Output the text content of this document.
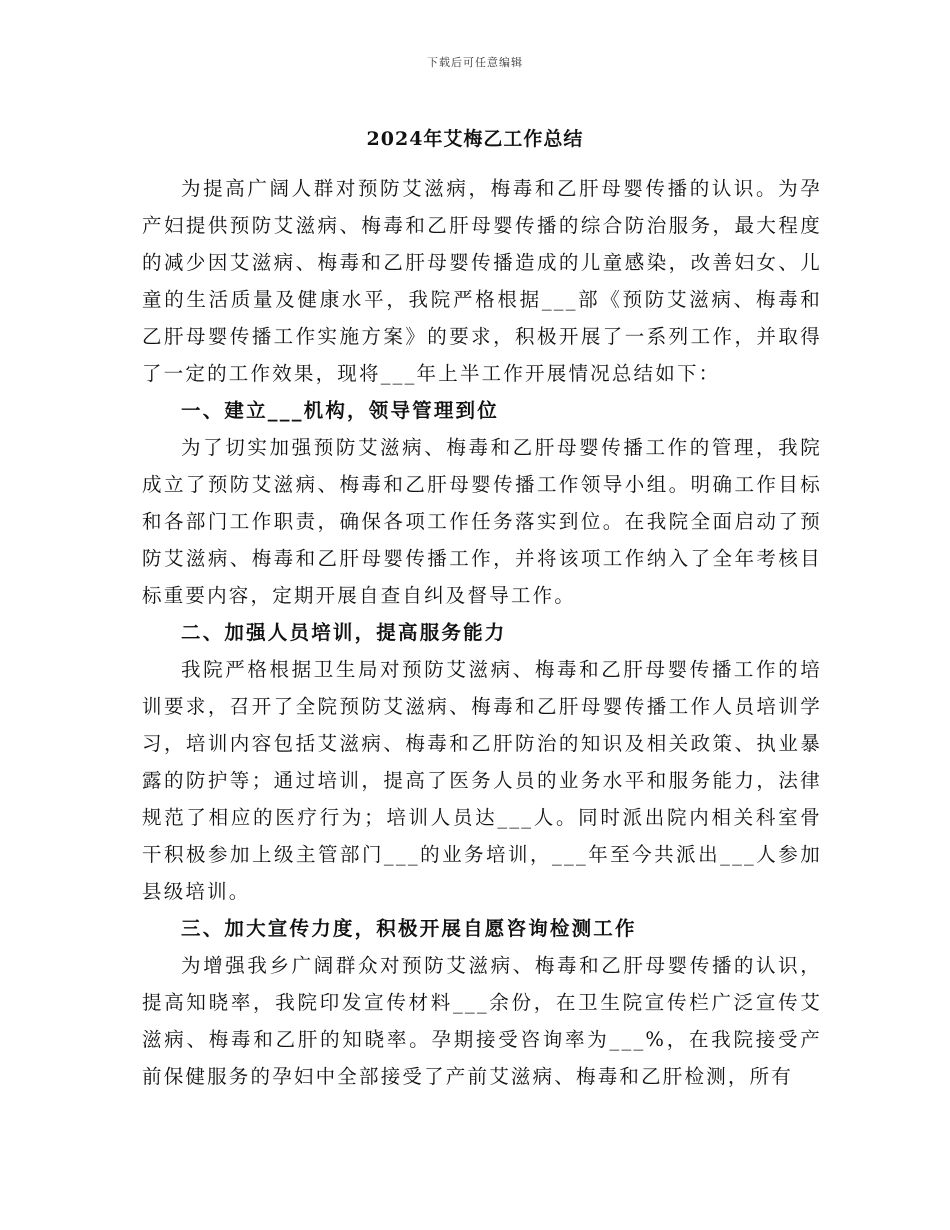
下载后可任意编辑
2024年艾梅乙工作总结

为提高广阔人群对预防艾滋病，梅毒和乙肝母婴传播的认识。为孕产妇提供预防艾滋病、梅毒和乙肝母婴传播的综合防治服务，最大程度的减少因艾滋病、梅毒和乙肝母婴传播造成的儿童感染，改善妇女、儿童的生活质量及健康水平，我院严格根据___部《预防艾滋病、梅毒和乙肝母婴传播工作实施方案》的要求，积极开展了一系列工作，并取得了一定的工作效果，现将___年上半工作开展情况总结如下：

一、建立___机构，领导管理到位

为了切实加强预防艾滋病、梅毒和乙肝母婴传播工作的管理，我院成立了预防艾滋病、梅毒和乙肝母婴传播工作领导小组。明确工作目标和各部门工作职责，确保各项工作任务落实到位。在我院全面启动了预防艾滋病、梅毒和乙肝母婴传播工作，并将该项工作纳入了全年考核目标重要内容，定期开展自查自纠及督导工作。

二、加强人员培训，提高服务能力

我院严格根据卫生局对预防艾滋病、梅毒和乙肝母婴传播工作的培训要求，召开了全院预防艾滋病、梅毒和乙肝母婴传播工作人员培训学习，培训内容包括艾滋病、梅毒和乙肝防治的知识及相关政策、执业暴露的防护等；通过培训，提高了医务人员的业务水平和服务能力，法律规范了相应的医疗行为；培训人员达___人。同时派出院内相关科室骨干积极参加上级主管部门___的业务培训，___年至今共派出___人参加县级培训。

三、加大宣传力度，积极开展自愿咨询检测工作

为增强我乡广阔群众对预防艾滋病、梅毒和乙肝母婴传播的认识，提高知晓率，我院印发宣传材料___余份，在卫生院宣传栏广泛宣传艾滋病、梅毒和乙肝的知晓率。孕期接受咨询率为___%，在我院接受产前保健服务的孕妇中全部接受了产前艾滋病、梅毒和乙肝检测，所有
